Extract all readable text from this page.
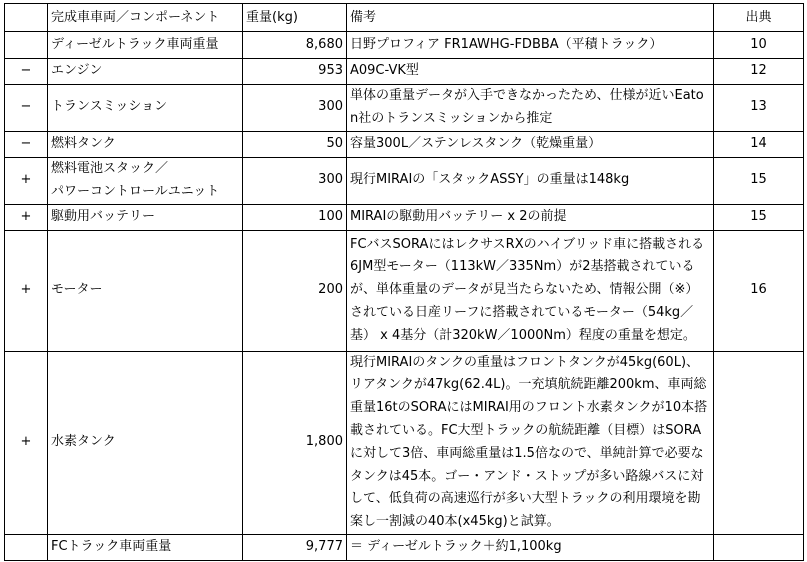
	完成車車両／コンポーネント	重量(kg)	備考	出典
	ディーゼルトラック車両重量	8,680	日野プロフィア FR1AWHG-FDBBA（平積トラック）	10
−	エンジン	953	A09C-VK型	12
−	トランスミッション	300	単体の重量データが入手できなかったため、仕様が近いEaton社のトランスミッションから推定	13
−	燃料タンク	50	容量300L／ステンレスタンク（乾燥重量）	14
+	燃料電池スタック／
パワーコントロールユニット	300	現行MIRAIの「スタックASSY」の重量は148kg	15
+	駆動用バッテリー	100	MIRAIの駆動用バッテリー x 2の前提	15
+	モーター	200	FCバスSORAにはレクサスRXのハイブリッド車に搭載される6JM型モーター（113kW／335Nm）が2基搭載されているが、単体重量のデータが見当たらないため、情報公開（※）されている日産リーフに搭載されているモーター（54kg／基） x 4基分（計320kW／1000Nm）程度の重量を想定。	16
+	水素タンク	1,800	現行MIRAIのタンクの重量はフロントタンクが45kg(60L)、リアタンクが47kg(62.4L)。一充填航続距離200km、車両総重量16tのSORAにはMIRAI用のフロント水素タンクが10本搭載されている。FC大型トラックの航続距離（目標）はSORAに対して3倍、車両総重量は1.5倍なので、単純計算で必要なタンクは45本。ゴー・アンド・ストップが多い路線バスに対して、低負荷の高速巡行が多い大型トラックの利用環境を勘案し一割減の40本(x45kg)と試算。	
	FCトラック車両重量	9,777	＝ ディーゼルトラック＋約1,100kg	
